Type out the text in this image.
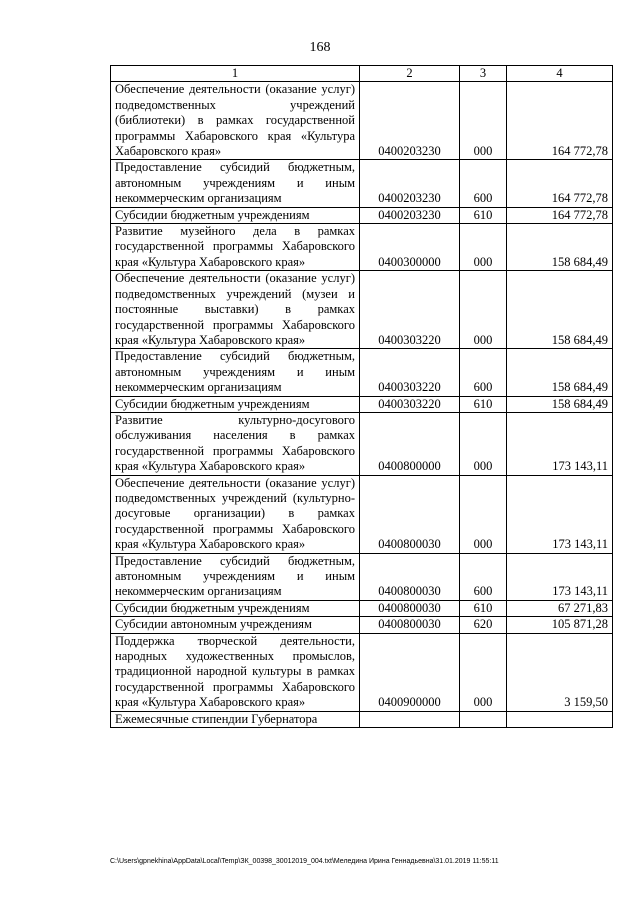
168
1	2	3	4
Обеспечение деятельности (оказание услуг) подведомственных учреждений (библиотеки) в рамках государственной программы Хабаровского края «Культура Хабаровского края»	0400203230	000	164 772,78
Предоставление субсидий бюджетным, автономным учреждениям и иным некоммерческим организациям	0400203230	600	164 772,78
Субсидии бюджетным учреждениям	0400203230	610	164 772,78
Развитие музейного дела в рамках государственной программы Хабаровского края «Культура Хабаровского края»	0400300000	000	158 684,49
Обеспечение деятельности (оказание услуг) подведомственных учреждений (музеи и постоянные выставки) в рамках государственной программы Хабаровского края «Культура Хабаровского края»	0400303220	000	158 684,49
Предоставление субсидий бюджетным, автономным учреждениям и иным некоммерческим организациям	0400303220	600	158 684,49
Субсидии бюджетным учреждениям	0400303220	610	158 684,49
Развитие культурно-досугового обслуживания населения в рамках государственной программы Хабаровского края «Культура Хабаровского края»	0400800000	000	173 143,11
Обеспечение деятельности (оказание услуг) подведомственных учреждений (культурно-досуговые организации) в рамках государственной программы Хабаровского края «Культура Хабаровского края»	0400800030	000	173 143,11
Предоставление субсидий бюджетным, автономным учреждениям и иным некоммерческим организациям	0400800030	600	173 143,11
Субсидии бюджетным учреждениям	0400800030	610	67 271,83
Субсидии автономным учреждениям	0400800030	620	105 871,28
Поддержка творческой деятельности, народных художественных промыслов, традиционной народной культуры в рамках государственной программы Хабаровского края «Культура Хабаровского края»	0400900000	000	3 159,50
Ежемесячные стипендии Губернатора			
C:\Users\gpnekhina\AppData\Local\Temp\ЗК_00398_30012019_004.txt\Меледина Ирина Геннадьевна\31.01.2019 11:55:11
